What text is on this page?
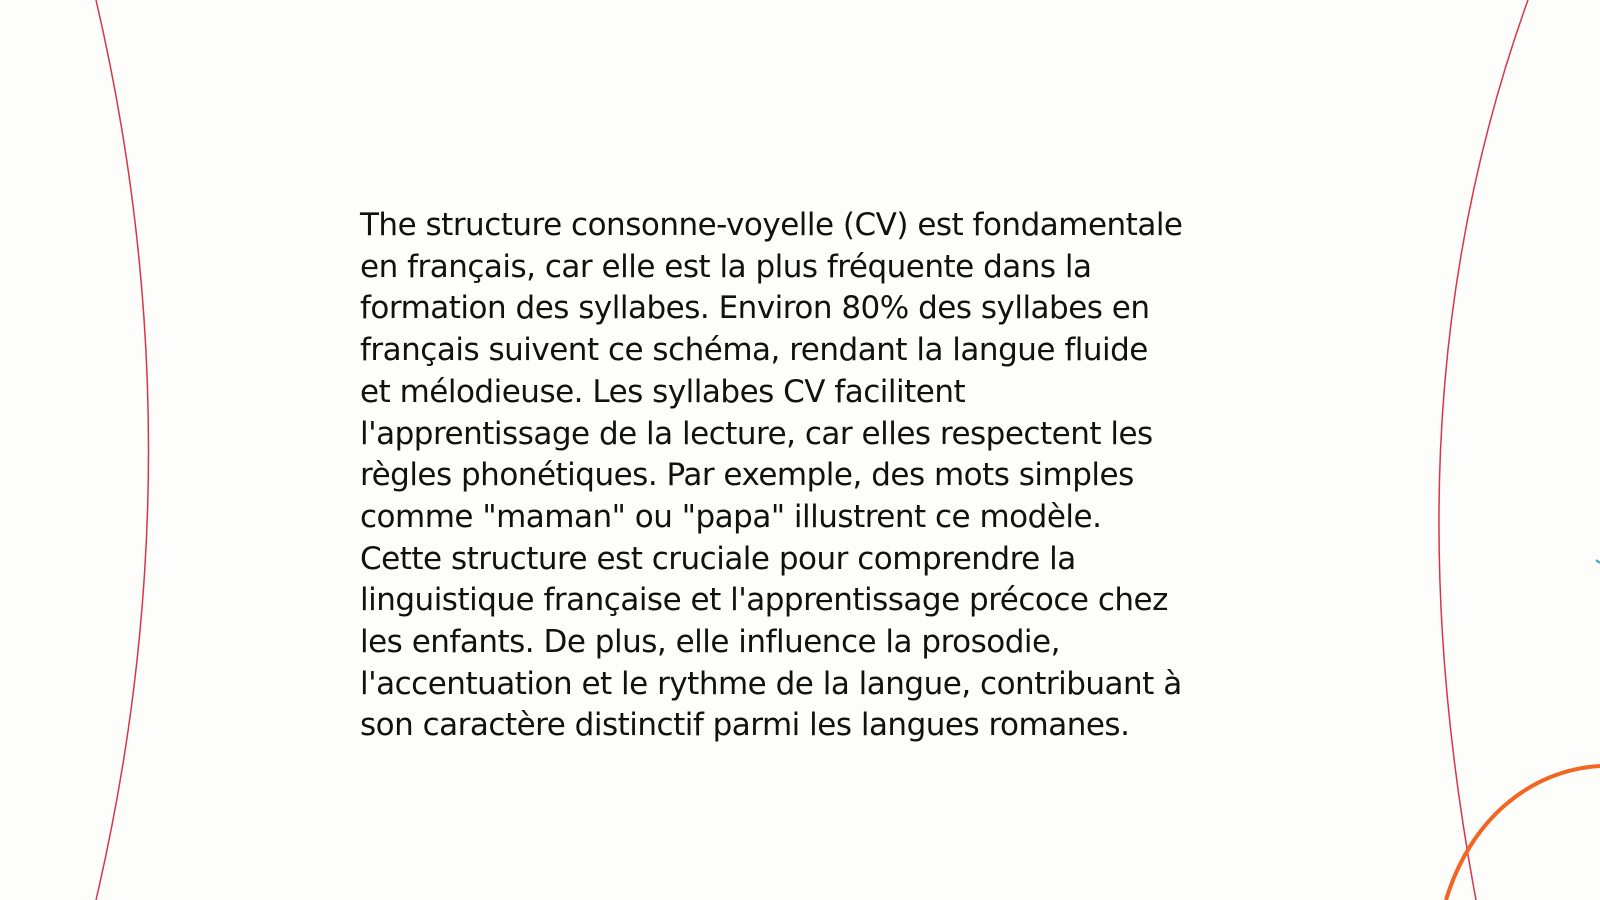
The structure consonne-voyelle (CV) est fondamentale
en français, car elle est la plus fréquente dans la
formation des syllabes. Environ 80% des syllabes en
français suivent ce schéma, rendant la langue fluide
et mélodieuse. Les syllabes CV facilitent
l'apprentissage de la lecture, car elles respectent les
règles phonétiques. Par exemple, des mots simples
comme "maman" ou "papa" illustrent ce modèle.
Cette structure est cruciale pour comprendre la
linguistique française et l'apprentissage précoce chez
les enfants. De plus, elle influence la prosodie,
l'accentuation et le rythme de la langue, contribuant à
son caractère distinctif parmi les langues romanes.
